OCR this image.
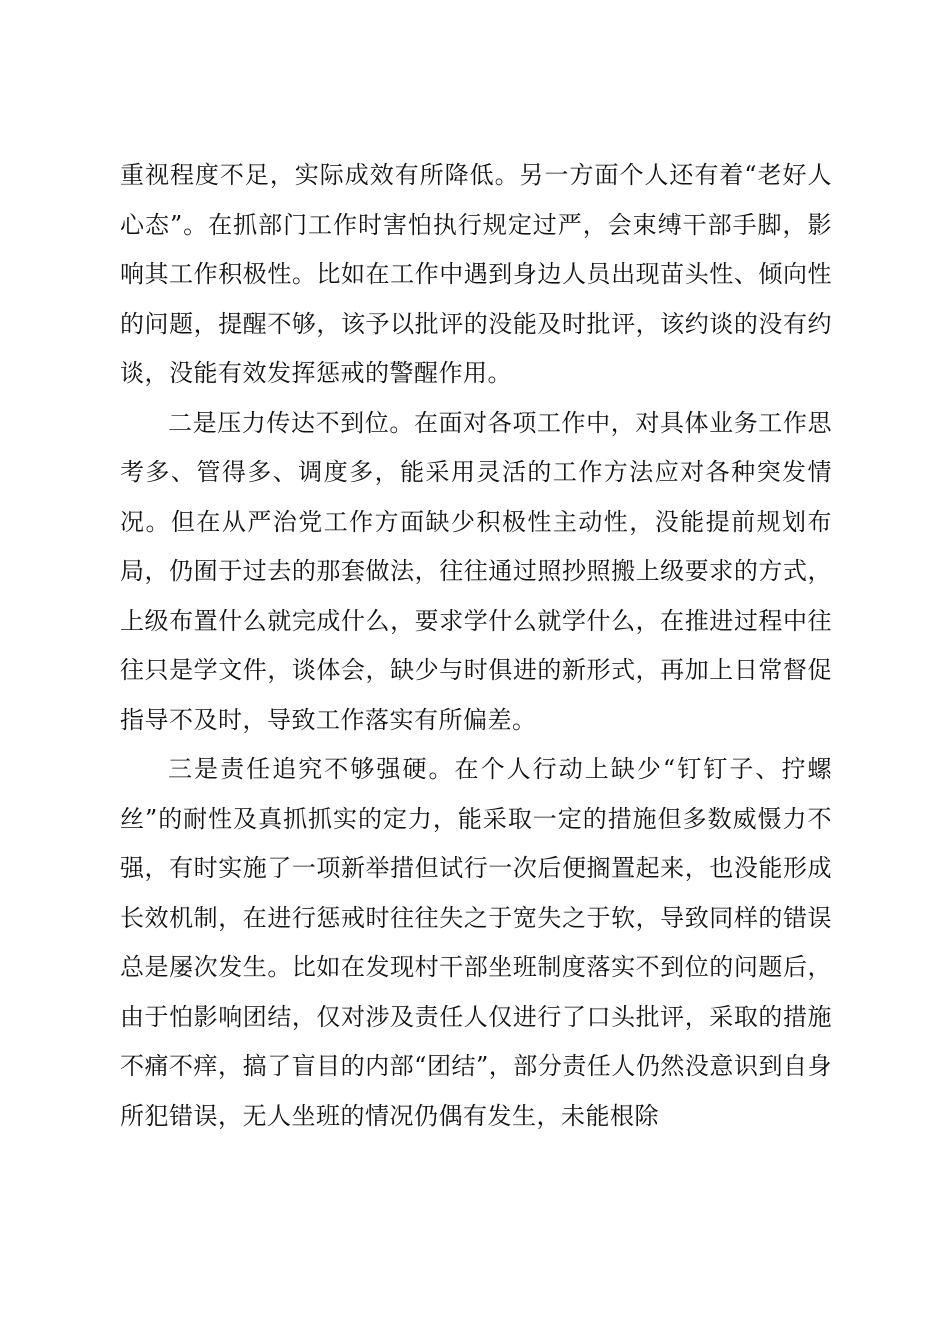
重视程度不足，实际成效有所降低。另一方面个人还有着“老好人心态”。在抓部门工作时害怕执行规定过严，会束缚干部手脚，影响其工作积极性。比如在工作中遇到身边人员出现苗头性、倾向性的问题，提醒不够，该予以批评的没能及时批评，该约谈的没有约谈，没能有效发挥惩戒的警醒作用。

二是压力传达不到位。在面对各项工作中，对具体业务工作思考多、管得多、调度多，能采用灵活的工作方法应对各种突发情况。但在从严治党工作方面缺少积极性主动性，没能提前规划布局，仍囿于过去的那套做法，往往通过照抄照搬上级要求的方式，上级布置什么就完成什么，要求学什么就学什么，在推进过程中往往只是学文件，谈体会，缺少与时俱进的新形式，再加上日常督促指导不及时，导致工作落实有所偏差。

三是责任追究不够强硬。在个人行动上缺少“钉钉子、拧螺丝”的耐性及真抓抓实的定力，能采取一定的措施但多数威慑力不强，有时实施了一项新举措但试行一次后便搁置起来，也没能形成长效机制，在进行惩戒时往往失之于宽失之于软，导致同样的错误总是屡次发生。比如在发现村干部坐班制度落实不到位的问题后，由于怕影响团结，仅对涉及责任人仅进行了口头批评，采取的措施不痛不痒，搞了盲目的内部“团结”，部分责任人仍然没意识到自身所犯错误，无人坐班的情况仍偶有发生，未能根除
